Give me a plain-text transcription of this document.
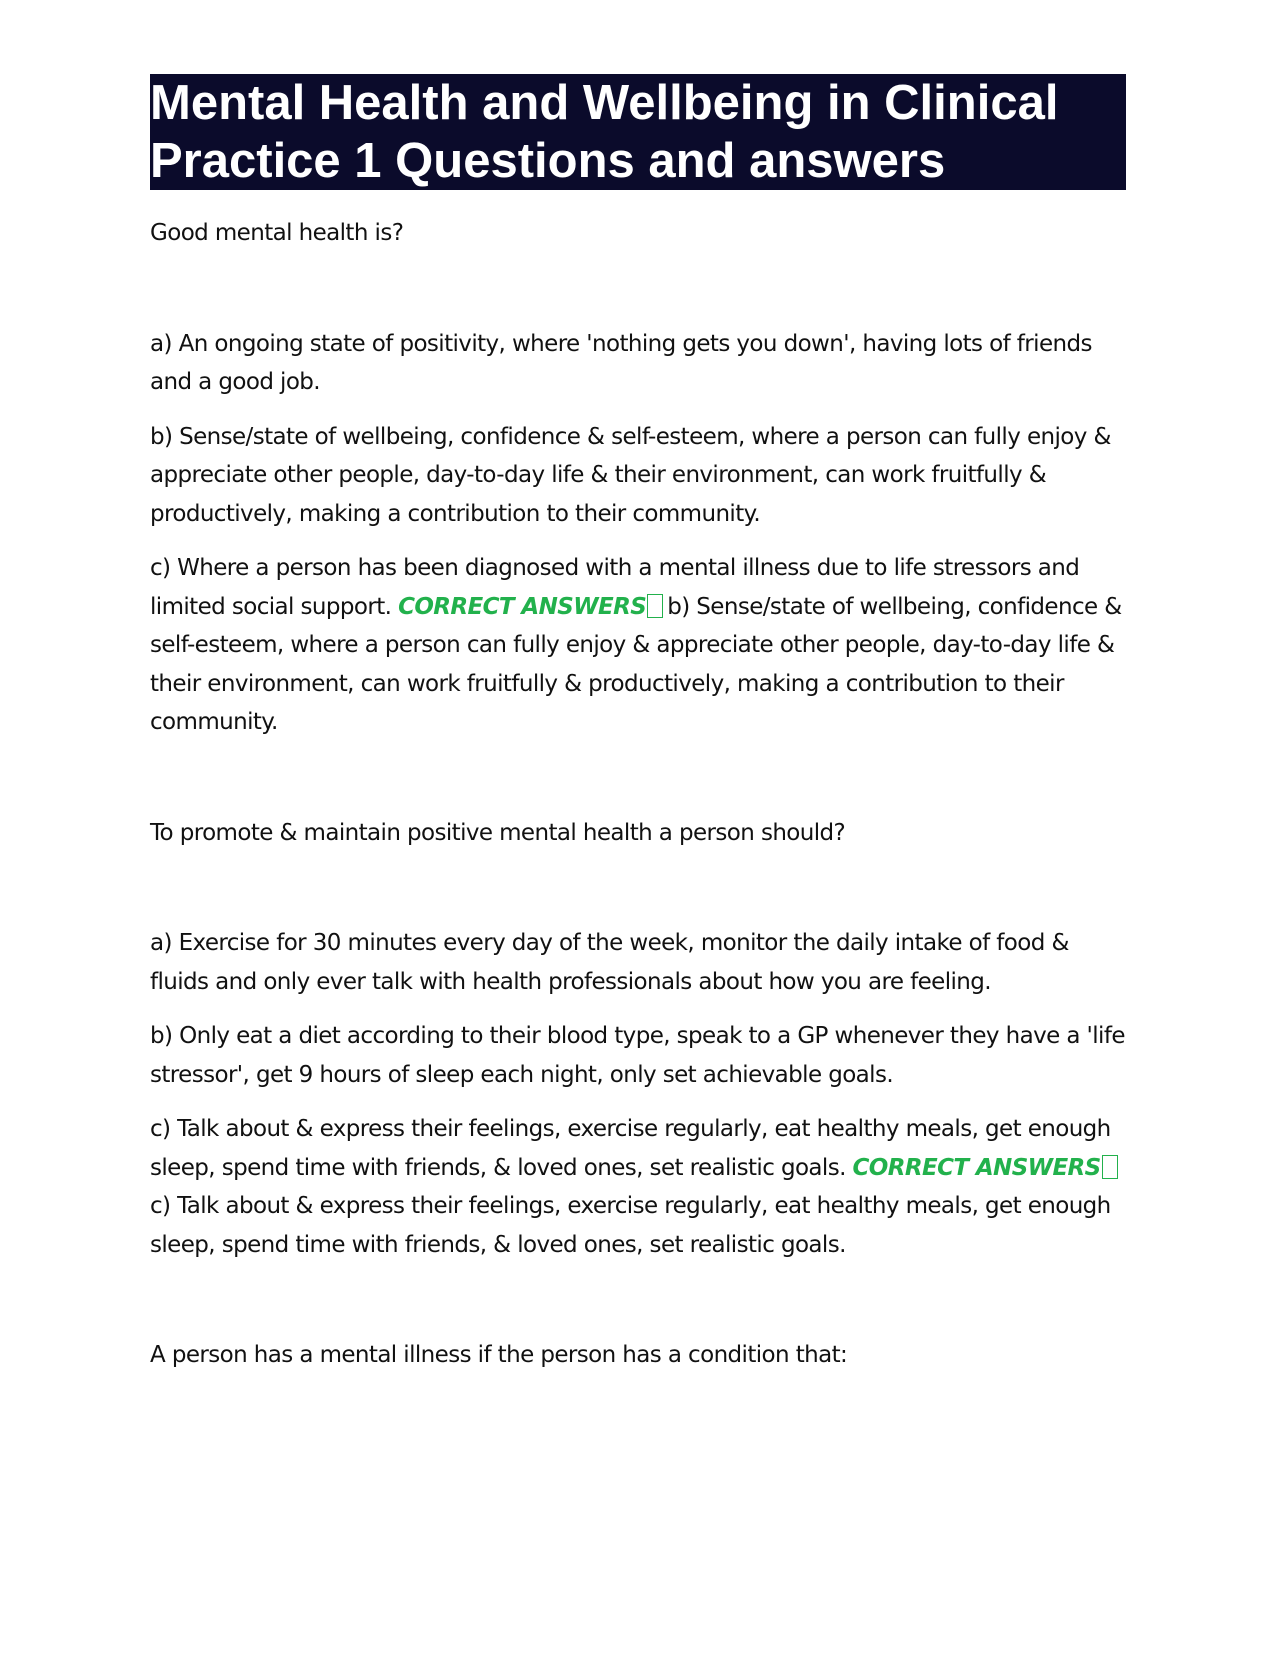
Mental Health and Wellbeing in Clinical Practice 1 Questions and answers

Good mental health is?

a) An ongoing state of positivity, where 'nothing gets you down', having lots of friends and a good job.

b) Sense/state of wellbeing, confidence & self-esteem, where a person can fully enjoy & appreciate other people, day-to-day life & their environment, can work fruitfully & productively, making a contribution to their community.

c) Where a person has been diagnosed with a mental illness due to life stressors and limited social support. CORRECT ANSWERS b) Sense/state of wellbeing, confidence & self-esteem, where a person can fully enjoy & appreciate other people, day-to-day life & their environment, can work fruitfully & productively, making a contribution to their community.

To promote & maintain positive mental health a person should?

a) Exercise for 30 minutes every day of the week, monitor the daily intake of food & fluids and only ever talk with health professionals about how you are feeling.

b) Only eat a diet according to their blood type, speak to a GP whenever they have a 'life stressor', get 9 hours of sleep each night, only set achievable goals.

c) Talk about & express their feelings, exercise regularly, eat healthy meals, get enough sleep, spend time with friends, & loved ones, set realistic goals. CORRECT ANSWERSc) Talk about & express their feelings, exercise regularly, eat healthy meals, get enough sleep, spend time with friends, & loved ones, set realistic goals.

A person has a mental illness if the person has a condition that:
